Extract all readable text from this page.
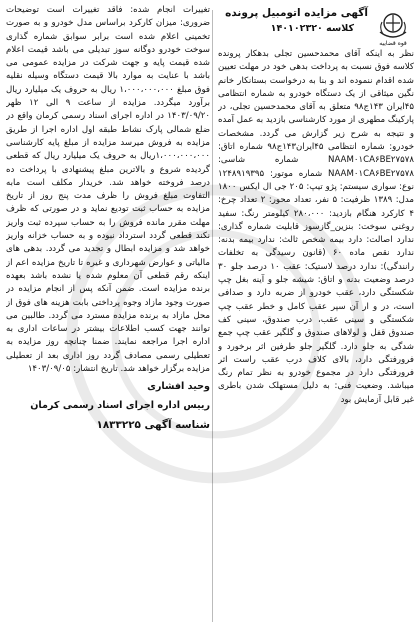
قوه قضاییه
آگهی مزایده اتومبیل پرونده
کلاسه ۱۴۰۱۰۲۳۲۰

نظر به اینکه آقای محمدحسین تجلی بدهکار پرونده کلاسه فوق نسبت به پرداخت بدهی خود در مهلت تعیین شده اقدام ننموده اند و بنا به درخواست بستانکار خانم نگین میثاقی از یک دستگاه خودرو به شماره انتظامی ۴۵ایران ۱۴۳ج۹۸ متعلق به آقای محمدحسین تجلی، در پارکینگ مطهری از مورد کارشناسی بازدید به عمل آمده و نتیجه به شرح زیر گزارش می گردد. مشخصات خودرو: شماره انتظامی ۴۵ایران۱۴۳ج۹۸ شماره اتاق: NAAM۰۱CA۶BE۲۷۵۷۸ شماره شاسی: NAAM۰۱CA۶BE۲۷۵۷۸ شماره موتور: ۱۲۴۸۹۱۹۳۹۵ نوع: سواری سیستم: پژو تیپ: ۲۰۵ جی ال ایکس ۱۸۰۰ مدل: ۱۳۸۹ ظرفیت: ۵ نفر، تعداد محور: ۲ تعداد چرخ: ۴ کارکرد هنگام بازدید: ۲۸۰،۰۰۰ کیلومتر رنگ: سفید روغنی سوخت: بنزین_گازسوز قابلیت شماره گذاری: ندارد اصالت: دارد بیمه شخص ثالث: ندارد بیمه بدنه: ندارد نقص ماده ۶۰ (قانون رسیدگی به تخلفات رانندگی): ندارد درصد لاستیک: عقب ۱۰ درصد جلو ۳۰ درصد وضعیت بدنه و اتاق: شیشه جلو و آینه بغل چپ شکستگی دارد، عقب خودرو از ضربه دارد و صدافی است، در و ار آن سپر عقب کامل و خطر عقب چپ شکستگی و سینی عقب، درب صندوق، سینی کف صندوق قفل و لولاهای صندوق و گلگیر عقب چپ جمع شدگی به جلو دارد. گلگیر جلو طرفین اثر برخورد و فرورفتگی دارد، بالای کلاف درب عقب راست اثر فرورفتگی دارد در مجموع خودرو به نظر تمام رنگ میباشد. وضعیت فنی: به دلیل مستهلک شدن باطری غیر قابل آزمایش بود

تغییرات انجام شده: فاقد تغییرات است توضیحات ضروری: میزان کارکرد براساس مدل خودرو و به صورت تخمینی اعلام شده است برابر سوابق شماره گذاری سوخت خودرو دوگانه سوز تبدیلی می باشد قیمت اعلام شده قیمت پایه و جهت شرکت در مزایده عمومی می باشد با عنایت به موارد بالا قیمت دستگاه وسیله نقلیه فوق مبلغ ۱،۰۰۰،۰۰۰،۰۰۰ ریال به حروف یک میلیارد ریال برآورد میگردد. مزایده از ساعت ۹ الی ۱۲ ظهر ۱۴۰۳/۰۹/۲۰ در اداره اجرای اسناد رسمی کرمان واقع در ضلع شمالی پارک نشاط طبقه اول اداره اجرا از طریق مزایده به فروش میرسد مزایده از مبلغ پایه کارشناسی ۱،۰۰۰،۰۰۰،۰۰۰ریال به حروف یک میلیارد ریال که قطعی گردیده شروع و بالاترین مبلغ پیشنهادی با پرداخت ده درصد فروخته خواهد شد. خریدار مکلف است مابه التفاوت مبلغ فروش را ظرف مدت پنج روز از تاریخ مزایده به حساب ثبت تودیع نماید و در صورتی که ظرف مهلت مقرر مانده فروش را به حساب سپرده ثبت واریز نکند قطعی گردد استرداد نبوده و به حساب خزانه واریز خواهد شد و مزایده ابطال و تجدید می گردد. بدهی های مالیاتی و عوارض شهرداری و غیره تا تاریخ مزایده اعم از اینکه رقم قطعی آن معلوم شده یا نشده باشد بعهده برنده مزایده است. ضمن آنکه پس از انجام مزایده در صورت وجود مازاد وجوه پرداختی بابت هزینه های فوق از محل مازاد به برنده مزایده مسترد می گردد. طالبین می توانند جهت کسب اطلاعات بیشتر در ساعات اداری به اداره اجرا مراجعه نمایند. ضمنا چنانچه روز مزایده به تعطیلی رسمی مصادف گردد روز اداری بعد از تعطیلی مزایده برگزار خواهد شد. تاریخ انتشار: ۱۴۰۳/۰۹/۰۵

وحید افشاری
رییس اداره اجرای اسناد رسمی کرمان
شناسه آگهی ۱۸۳۳۲۲۵
